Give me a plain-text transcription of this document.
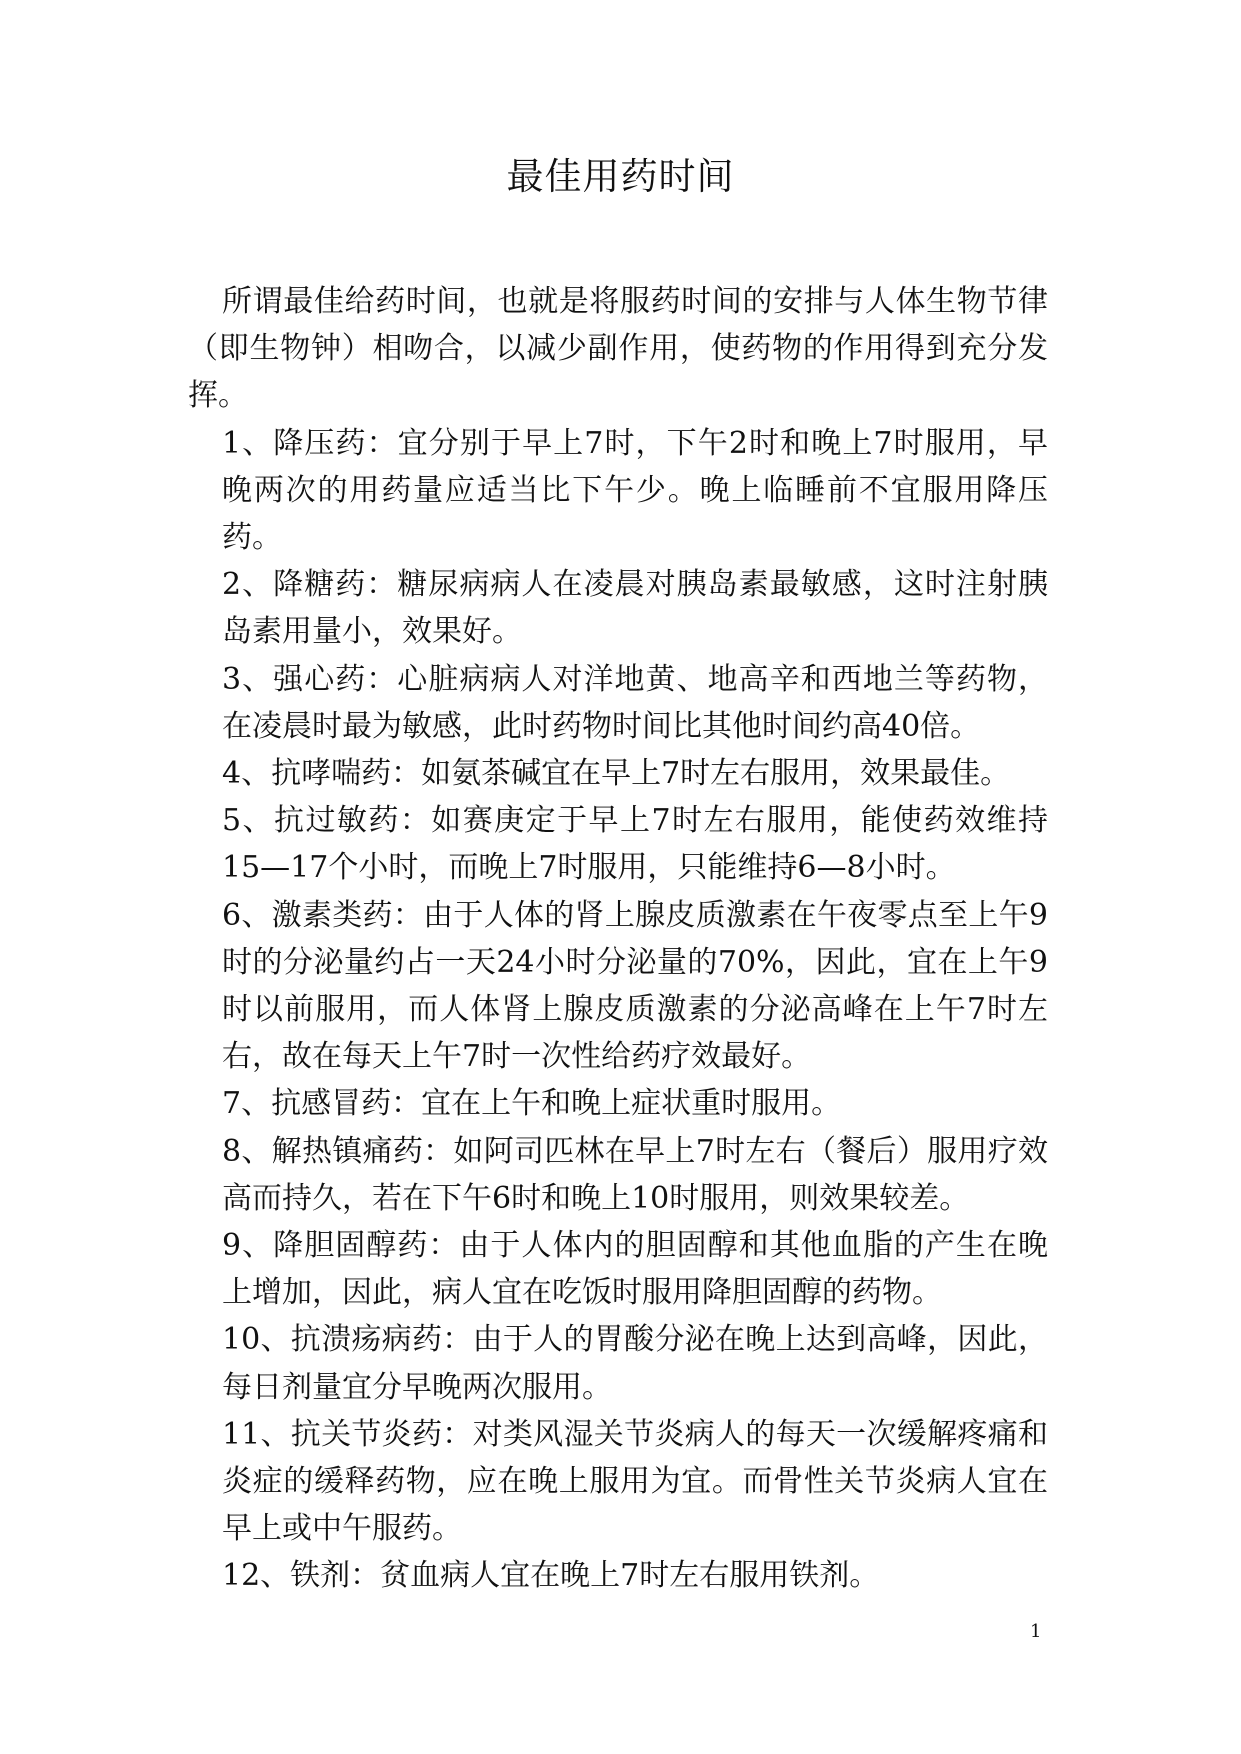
最佳用药时间

所谓最佳给药时间，也就是将服药时间的安排与人体生物节律（即生物钟）相吻合，以减少副作用，使药物的作用得到充分发挥。

1、降压药：宜分别于早上7时，下午2时和晚上7时服用，早晚两次的用药量应适当比下午少。晚上临睡前不宜服用降压药。
2、降糖药：糖尿病病人在凌晨对胰岛素最敏感，这时注射胰岛素用量小，效果好。
3、强心药：心脏病病人对洋地黄、地高辛和西地兰等药物，在凌晨时最为敏感，此时药物时间比其他时间约高40倍。
4、抗哮喘药：如氨茶碱宜在早上7时左右服用，效果最佳。
5、抗过敏药：如赛庚定于早上7时左右服用，能使药效维持15—17个小时，而晚上7时服用，只能维持6—8小时。
6、激素类药：由于人体的肾上腺皮质激素在午夜零点至上午9时的分泌量约占一天24小时分泌量的70%，因此，宜在上午9时以前服用，而人体肾上腺皮质激素的分泌高峰在上午7时左右，故在每天上午7时一次性给药疗效最好。
7、抗感冒药：宜在上午和晚上症状重时服用。
8、解热镇痛药：如阿司匹林在早上7时左右（餐后）服用疗效高而持久，若在下午6时和晚上10时服用，则效果较差。
9、降胆固醇药：由于人体内的胆固醇和其他血脂的产生在晚上增加，因此，病人宜在吃饭时服用降胆固醇的药物。
10、抗溃疡病药：由于人的胃酸分泌在晚上达到高峰，因此，每日剂量宜分早晚两次服用。
11、抗关节炎药：对类风湿关节炎病人的每天一次缓解疼痛和炎症的缓释药物，应在晚上服用为宜。而骨性关节炎病人宜在早上或中午服药。
12、铁剂：贫血病人宜在晚上7时左右服用铁剂。
1
